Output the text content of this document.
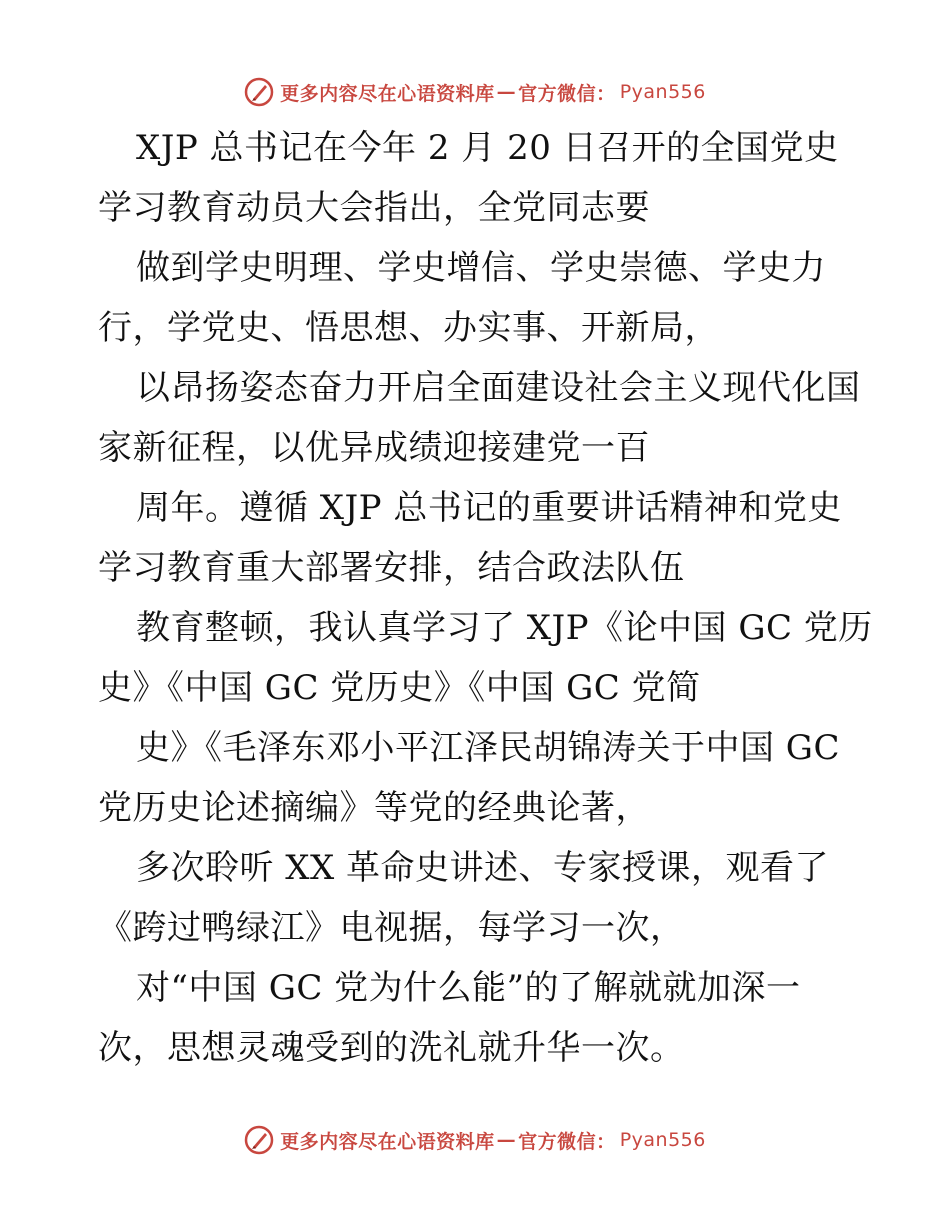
更多内容尽在心语资料库 — 官方微信 ： Pyan556
XJP 总书记在今年 2 月 20 日召开的全国党史
学习教育动员大会指出，全党同志要
做到学史明理、学史增信、学史崇德、学史力
行，学党史、悟思想、办实事、开新局，
以昂扬姿态奋力开启全面建设社会主义现代化国
家新征程，以优异成绩迎接建党一百
周年。遵循 XJP 总书记的重要讲话精神和党史
学习教育重大部署安排，结合政法队伍
教育整顿，我认真学习了 XJP《论中国 GC 党历
史》《中国 GC 党历史》《中国 GC 党简
史》《毛泽东邓小平江泽民胡锦涛关于中国 GC
党历史论述摘编》等党的经典论著，
多次聆听 XX 革命史讲述、专家授课，观看了
《跨过鸭绿江》电视据，每学习一次，
对“中国 GC 党为什么能”的了解就就加深一
次，思想灵魂受到的洗礼就升华一次。
更多内容尽在心语资料库 — 官方微信 ： Pyan556
